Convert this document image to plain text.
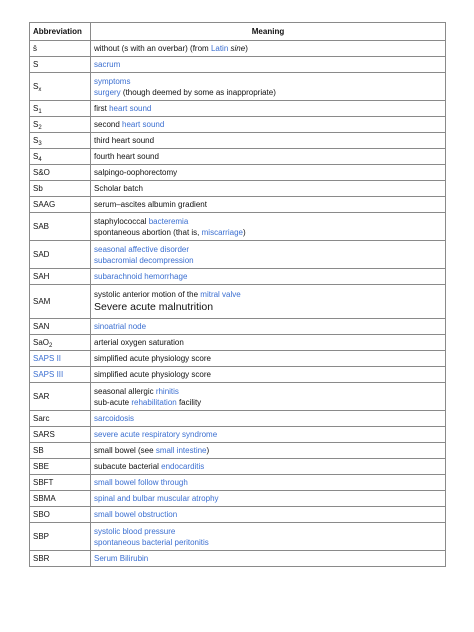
Abbreviation	Meaning
s̄	without (s with an overbar) (from Latin sine)

S	sacrum

$S_x$	symptoms
surgery (though deemed by some as inappropriate)

$S_1$	first heart sound

$S_2$	second heart sound

$S_3$	third heart sound

$S_4$	fourth heart sound

S&O	salpingo-oophorectomy

Sb	Scholar batch

SAAG	serum–ascites albumin gradient

SAB	staphylococcal bacteremia
spontaneous abortion (that is, miscarriage)

SAD	seasonal affective disorder
subacromial decompression

SAH	subarachnoid hemorrhage

SAM	systolic anterior motion of the mitral valve
Severe acute malnutrition

SAN	sinoatrial node

SaO$_2$	arterial oxygen saturation

SAPS II	simplified acute physiology score

SAPS III	simplified acute physiology score

SAR	seasonal allergic rhinitis
sub-acute rehabilitation facility

Sarc	sarcoidosis

SARS	severe acute respiratory syndrome

SB	small bowel (see small intestine)

SBE	subacute bacterial endocarditis

SBFT	small bowel follow through

SBMA	spinal and bulbar muscular atrophy

SBO	small bowel obstruction

SBP	systolic blood pressure
spontaneous bacterial peritonitis

SBR	Serum Bilirubin
